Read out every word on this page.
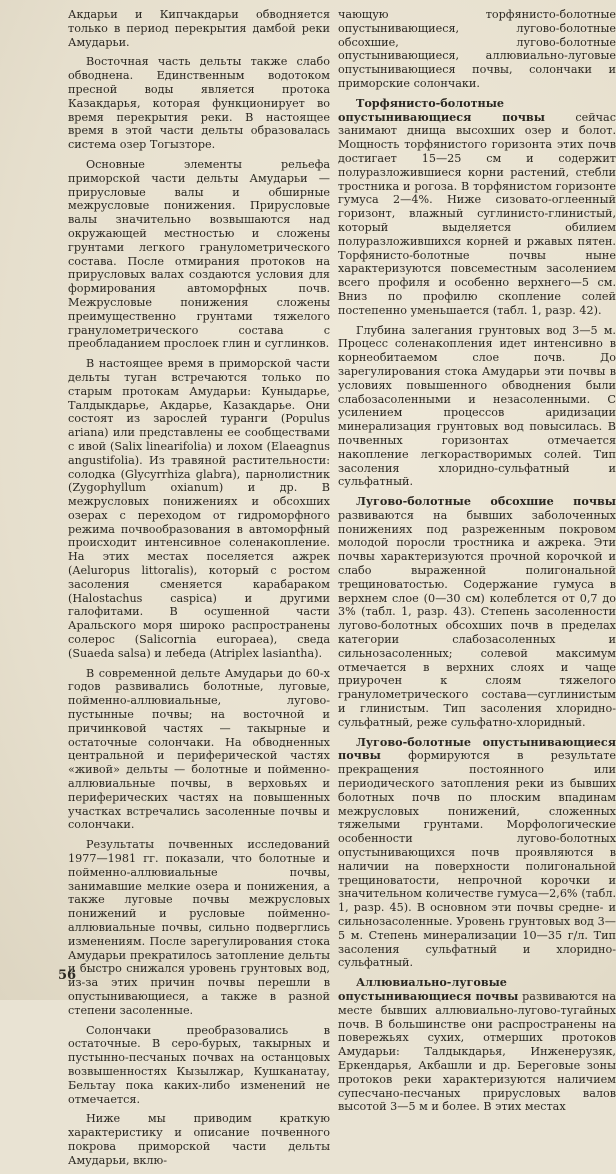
Акдарьи и Кипчакдарьи обводняется только в период перекрытия дамбой реки Амударьи.

Восточная часть дельты также слабо обводнена. Единственным водотоком пресной воды является протока Казакдарья, которая функционирует во время перекрытия реки. В настоящее время в этой части дельты образовалась система озер Тогызторе.

Основные элементы рельефа приморской части дельты Амударьи — прирусловые валы и обширные межрусловые понижения. Прирусловые валы значительно возвышаются над окружающей местностью и сложены грунтами легкого гранулометрического состава. После отмирания протоков на прирусловых валах создаются условия для формирования автоморфных почв. Межрусловые понижения сложены преимущественно грунтами тяжелого гранулометрического состава с преобладанием прослоек глин и суглинков.

В настоящее время в приморской части дельты туган встречаются только по старым протокам Амударьи: Куныдарье, Талдыкдарье, Акдарье, Казакдарье. Они состоят из зарослей туранги (Populus ariana) или представлены ее сообществами с ивой (Salix linearifolia) и лохом (Elaeagnus angustifolia). Из травяной растительности: солодка (Glycyrrhiza glabra), парнолистник (Zygophyllum oxianum) и др. В межрусловых понижениях и обсохших озерах с переходом от гидроморфного режима почвообразования в автоморфный происходит интенсивное соленакопление. На этих местах поселяется ажрек (Aeluropus littoralis), который с ростом засоления сменяется карабараком (Halostachus caspica) и другими галофитами. В осушенной части Аральского моря широко распространены солерос (Salicornia europaea), сведа (Suaeda salsa) и лебеда (Atriplex lasiantha).

В современной дельте Амударьи до 60-х годов развивались болотные, луговые, пойменно-аллювиальные, лугово-пустынные почвы; на восточной и причинковой частях — такырные и остаточные солончаки. На обводненных центральной и периферической частях «живой» дельты — болотные и пойменно-аллювиальные почвы, в верховьях и периферических частях на повышенных участках встречались засоленные почвы и солончаки.

Результаты почвенных исследований 1977—1981 гг. показали, что болотные и пойменно-аллювиальные почвы, занимавшие мелкие озера и понижения, а также луговые почвы межрусловых понижений и русловые пойменно-аллювиальные почвы, сильно подверглись изменениям. После зарегулирования стока Амударьи прекратилось затопление дельты и быстро снижался уровень грунтовых вод, из-за этих причин почвы перешли в опустынивающиеся, а также в разной степени засоленные.

Солончаки преобразовались в остаточные. В серо-бурых, такырных и пустынно-песчаных почвах на останцовых возвышенностях Кызылжар, Кушканатау, Бельтау пока каких-либо изменений не отмечается.

Ниже мы приводим краткую характеристику и описание почвенного покрова приморской части дельты Амударьи, вклю-

чающую торфянисто-болотные опустынивающиеся, лугово-болотные обсохшие, лугово-болотные опустынивающиеся, аллювиально-луговые опустынивающиеся почвы, солончаки и приморские солончаки.

Торфянисто-болотные опустынивающиеся почвы сейчас занимают днища высохших озер и болот. Мощность торфянистого горизонта этих почв достигает 15—25 см и содержит полуразложившиеся корни растений, стебли тростника и рогоза. В торфянистом горизонте гумуса 2—4%. Ниже сизовато-оглеенный горизонт, влажный суглинисто-глинистый, который выделяется обилием полуразложившихся корней и ржавых пятен. Торфянисто-болотные почвы ныне характеризуются повсеместным засолением всего профиля и особенно верхнего—5 см. Вниз по профилю скопление солей постепенно уменьшается (табл. 1, разр. 42).

Глубина залегания грунтовых вод 3—5 м. Процесс соленакопления идет интенсивно в корнеобитаемом слое почв. До зарегулирования стока Амударьи эти почвы в условиях повышенного обводнения были слабозасоленными и незасоленными. С усилением процессов аридизации минерализация грунтовых вод повысилась. В почвенных горизонтах отмечается накопление легкорастворимых солей. Тип засоления хлоридно-сульфатный и сульфатный.

Лугово-болотные обсохшие почвы развиваются на бывших заболоченных понижениях под разреженным покровом молодой поросли тростника и ажрека. Эти почвы характеризуются прочной корочкой и слабо выраженной полигональной трещиноватостью. Содержание гумуса в верхнем слое (0—30 см) колеблется от 0,7 до 3% (табл. 1, разр. 43). Степень засоленности лугово-болотных обсохших почв в пределах категории слабозасоленных и сильнозасоленных; солевой максимум отмечается в верхних слоях и чаще приурочен к слоям тяжелого гранулометрического состава—суглинистым и глинистым. Тип засоления хлоридно-сульфатный, реже сульфатно-хлоридный.

Лугово-болотные опустынивающиеся почвы формируются в результате прекращения постоянного или периодического затопления реки из бывших болотных почв по плоским впадинам межрусловых понижений, сложенных тяжелыми грунтами. Морфологические особенности лугово-болотных опустынивающихся почв проявляются в наличии на поверхности полигональной трещиноватости, непрочной корочки и значительном количестве гумуса—2,6% (табл. 1, разр. 45). В основном эти почвы средне- и сильнозасоленные. Уровень грунтовых вод 3—5 м. Степень минерализации 10—35 г/л. Тип засоления сульфатный и хлоридно-сульфатный.

Аллювиально-луговые опустынивающиеся почвы развиваются на месте бывших аллювиально-лугово-тугайных почв. В большинстве они распространены на повережьях сухих, отмерших протоков Амударьи: Талдыкдарья, Инженерузяк, Еркендарья, Акбашли и др. Береговые зоны протоков реки характеризуются наличием супесчано-песчаных прирусловых валов высотой 3—5 м и более. В этих местах

56
